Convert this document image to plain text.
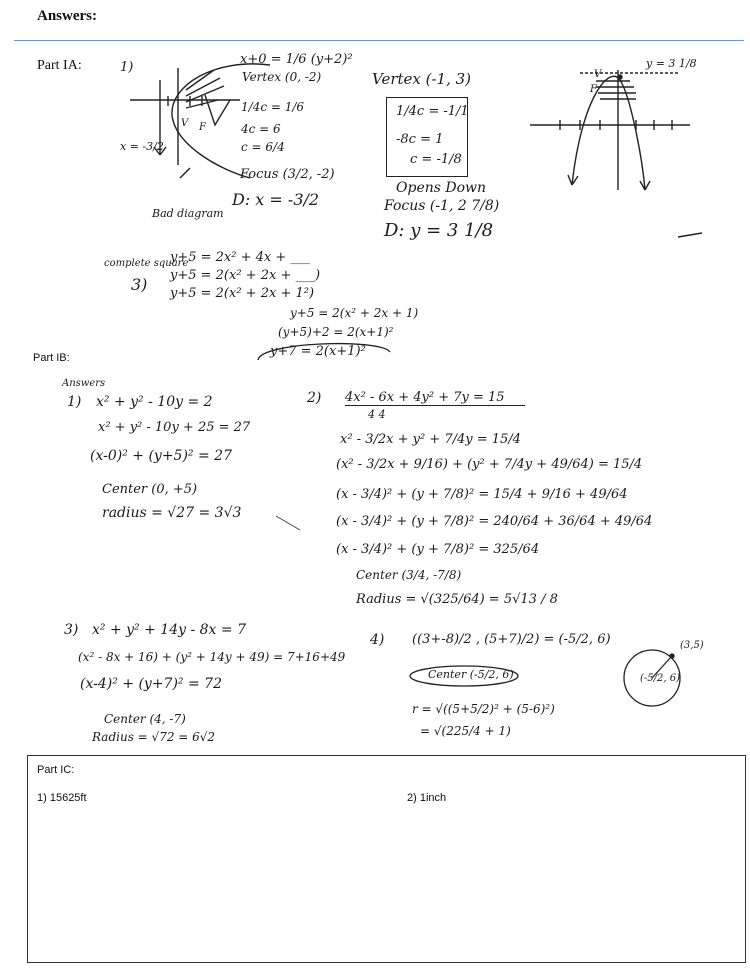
Answers:
Part IA:	1)
V F
x = -3/2
Bad diagram
x+0 = 1/6 (y+2)²
Vertex (0, -2)
1/4c = 1/6
4c = 6
c = 6/4
Focus (3/2, -2)
D: x = -3/2
Vertex (-1, 3)
1/4c = -1/1
-8c = 1
c = -1/8
Opens Down
Focus (-1, 2 7/8)
D: y = 3 1/8
V
F
y = 3 1/8
complete square
3)
y+5 = 2x² + 4x + ___
y+5 = 2(x² + 2x + ___)
y+5 = 2(x² + 2x + 1²)
y+5 = 2(x² + 2x + 1)
(y+5)+2 = 2(x+1)²
y+7 = 2(x+1)²
Part IB:
Answers
1) x² + y² - 10y = 2
x² + y² - 10y + 25 = 27
(x-0)² + (y+5)² = 27
Center (0, +5)
radius = √27 = 3√3
2) 4x² - 6x + 4y² + 7y = 15
4 4
x² - 3/2x + y² + 7/4y = 15/4
(x² - 3/2x + 9/16) + (y² + 7/4y + 49/64) = 15/4
(x - 3/4)² + (y + 7/8)² = 15/4 + 9/16 + 49/64
(x - 3/4)² + (y + 7/8)² = 240/64 + 36/64 + 49/64
(x - 3/4)² + (y + 7/8)² = 325/64
Center (3/4, -7/8)
Radius = √(325/64) = 5√13 / 8
3) x² + y² + 14y - 8x = 7
(x² - 8x + 16) + (y² + 14y + 49) = 7+16+49
(x-4)² + (y+7)² = 72
Center (4, -7)
Radius = √72 = 6√2
4) ((3+-8)/2 , (5+7)/2) = (-5/2, 6)
Center (-5/2, 6)
r = √((5+5/2)² + (5-6)²)
= √(225/4 + 1)
(3,5)
(-5/2, 6)
Part IC:
1) 15625ft	2) 1inch
